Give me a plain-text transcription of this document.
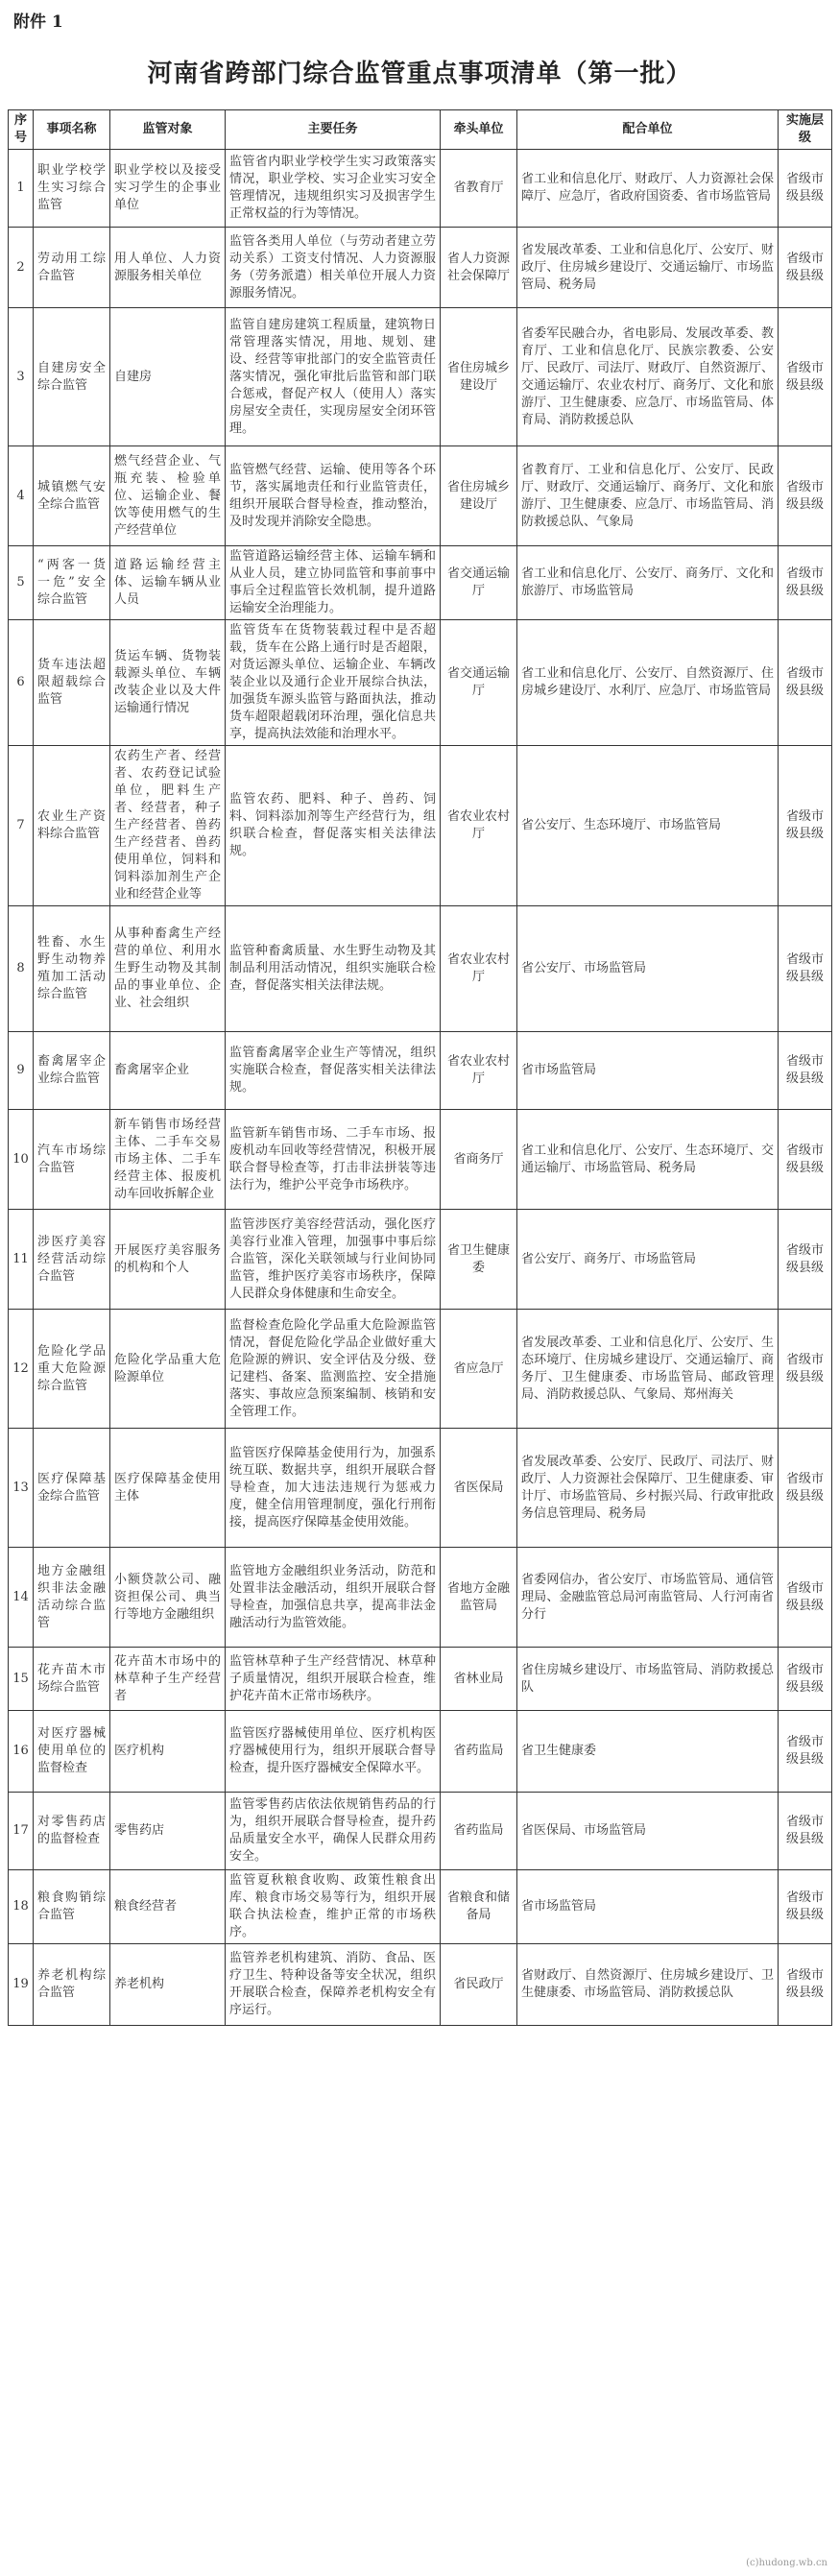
附件 1
河南省跨部门综合监管重点事项清单（第一批）
序号	事项名称	监管对象	主要任务	牵头单位	配合单位	实施层级
1	职业学校学生实习综合监管	职业学校以及接受实习学生的企事业单位	监管省内职业学校学生实习政策落实情况，职业学校、实习企业实习安全管理情况，违规组织实习及损害学生正常权益的行为等情况。	省教育厅	省工业和信息化厅、财政厅、人力资源社会保障厅、应急厅，省政府国资委、省市场监管局	省级市级县级
2	劳动用工综合监管	用人单位、人力资源服务相关单位	监管各类用人单位（与劳动者建立劳动关系）工资支付情况、人力资源服务（劳务派遣）相关单位开展人力资源服务情况。	省人力资源社会保障厅	省发展改革委、工业和信息化厅、公安厅、财政厅、住房城乡建设厅、交通运输厅、市场监管局、税务局	省级市级县级
3	自建房安全综合监管	自建房	监管自建房建筑工程质量，建筑物日常管理落实情况，用地、规划、建设、经营等审批部门的安全监管责任落实情况，强化审批后监管和部门联合惩戒，督促产权人（使用人）落实房屋安全责任，实现房屋安全闭环管理。	省住房城乡建设厅	省委军民融合办，省电影局、发展改革委、教育厅、工业和信息化厅、民族宗教委、公安厅、民政厅、司法厅、财政厅、自然资源厅、交通运输厅、农业农村厅、商务厅、文化和旅游厅、卫生健康委、应急厅、市场监管局、体育局、消防救援总队	省级市级县级
4	城镇燃气安全综合监管	燃气经营企业、气瓶充装、检验单位、运输企业、餐饮等使用燃气的生产经营单位	监管燃气经营、运输、使用等各个环节，落实属地责任和行业监管责任，组织开展联合督导检查，推动整治，及时发现并消除安全隐患。	省住房城乡建设厅	省教育厅、工业和信息化厅、公安厅、民政厅、财政厅、交通运输厅、商务厅、文化和旅游厅、卫生健康委、应急厅、市场监管局、消防救援总队、气象局	省级市级县级
5	“两客一货一危”安全综合监管	道路运输经营主体、运输车辆从业人员	监管道路运输经营主体、运输车辆和从业人员，建立协同监管和事前事中事后全过程监管长效机制，提升道路运输安全治理能力。	省交通运输厅	省工业和信息化厅、公安厅、商务厅、文化和旅游厅、市场监管局	省级市级县级
6	货车违法超限超载综合监管	货运车辆、货物装载源头单位、车辆改装企业以及大件运输通行情况	监管货车在货物装载过程中是否超载，货车在公路上通行时是否超限，对货运源头单位、运输企业、车辆改装企业以及通行企业开展综合执法，加强货车源头监管与路面执法，推动货车超限超载闭环治理，强化信息共享，提高执法效能和治理水平。	省交通运输厅	省工业和信息化厅、公安厅、自然资源厅、住房城乡建设厅、水利厅、应急厅、市场监管局	省级市级县级
7	农业生产资料综合监管	农药生产者、经营者、农药登记试验单位，肥料生产者、经营者，种子生产经营者、兽药生产经营者、兽药使用单位，饲料和饲料添加剂生产企业和经营企业等	监管农药、肥料、种子、兽药、饲料、饲料添加剂等生产经营行为，组织联合检查，督促落实相关法律法规。	省农业农村厅	省公安厅、生态环境厅、市场监管局	省级市级县级
8	牲畜、水生野生动物养殖加工活动综合监管	从事种畜禽生产经营的单位、利用水生野生动物及其制品的事业单位、企业、社会组织	监管种畜禽质量、水生野生动物及其制品利用活动情况，组织实施联合检查，督促落实相关法律法规。	省农业农村厅	省公安厅、市场监管局	省级市级县级
9	畜禽屠宰企业综合监管	畜禽屠宰企业	监管畜禽屠宰企业生产等情况，组织实施联合检查，督促落实相关法律法规。	省农业农村厅	省市场监管局	省级市级县级
10	汽车市场综合监管	新车销售市场经营主体、二手车交易市场主体、二手车经营主体、报废机动车回收拆解企业	监管新车销售市场、二手车市场、报废机动车回收等经营情况，积极开展联合督导检查等，打击非法拼装等违法行为，维护公平竞争市场秩序。	省商务厅	省工业和信息化厅、公安厅、生态环境厅、交通运输厅、市场监管局、税务局	省级市级县级
11	涉医疗美容经营活动综合监管	开展医疗美容服务的机构和个人	监管涉医疗美容经营活动，强化医疗美容行业准入管理，加强事中事后综合监管，深化关联领域与行业间协同监管，维护医疗美容市场秩序，保障人民群众身体健康和生命安全。	省卫生健康委	省公安厅、商务厅、市场监管局	省级市级县级
12	危险化学品重大危险源综合监管	危险化学品重大危险源单位	监督检查危险化学品重大危险源监管情况，督促危险化学品企业做好重大危险源的辨识、安全评估及分级、登记建档、备案、监测监控、安全措施落实、事故应急预案编制、核销和安全管理工作。	省应急厅	省发展改革委、工业和信息化厅、公安厅、生态环境厅、住房城乡建设厅、交通运输厅、商务厅、卫生健康委、市场监管局、邮政管理局、消防救援总队、气象局、郑州海关	省级市级县级
13	医疗保障基金综合监管	医疗保障基金使用主体	监管医疗保障基金使用行为，加强系统互联、数据共享，组织开展联合督导检查，加大违法违规行为惩戒力度，健全信用管理制度，强化行刑衔接，提高医疗保障基金使用效能。	省医保局	省发展改革委、公安厅、民政厅、司法厅、财政厅、人力资源社会保障厅、卫生健康委、审计厅、市场监管局、乡村振兴局、行政审批政务信息管理局、税务局	省级市级县级
14	地方金融组织非法金融活动综合监管	小额贷款公司、融资担保公司、典当行等地方金融组织	监管地方金融组织业务活动，防范和处置非法金融活动，组织开展联合督导检查，加强信息共享，提高非法金融活动行为监管效能。	省地方金融监管局	省委网信办，省公安厅、市场监管局、通信管理局、金融监管总局河南监管局、人行河南省分行	省级市级县级
15	花卉苗木市场综合监管	花卉苗木市场中的林草种子生产经营者	监管林草种子生产经营情况、林草种子质量情况，组织开展联合检查，维护花卉苗木正常市场秩序。	省林业局	省住房城乡建设厅、市场监管局、消防救援总队	省级市级县级
16	对医疗器械使用单位的监督检查	医疗机构	监管医疗器械使用单位、医疗机构医疗器械使用行为，组织开展联合督导检查，提升医疗器械安全保障水平。	省药监局	省卫生健康委	省级市级县级
17	对零售药店的监督检查	零售药店	监管零售药店依法依规销售药品的行为，组织开展联合督导检查，提升药品质量安全水平，确保人民群众用药安全。	省药监局	省医保局、市场监管局	省级市级县级
18	粮食购销综合监管	粮食经营者	监管夏秋粮食收购、政策性粮食出库、粮食市场交易等行为，组织开展联合执法检查，维护正常的市场秩序。	省粮食和储备局	省市场监管局	省级市级县级
19	养老机构综合监管	养老机构	监管养老机构建筑、消防、食品、医疗卫生、特种设备等安全状况，组织开展联合检查，保障养老机构安全有序运行。	省民政厅	省财政厅、自然资源厅、住房城乡建设厅、卫生健康委、市场监管局、消防救援总队	省级市级县级
(c)hudong.wb.cn
